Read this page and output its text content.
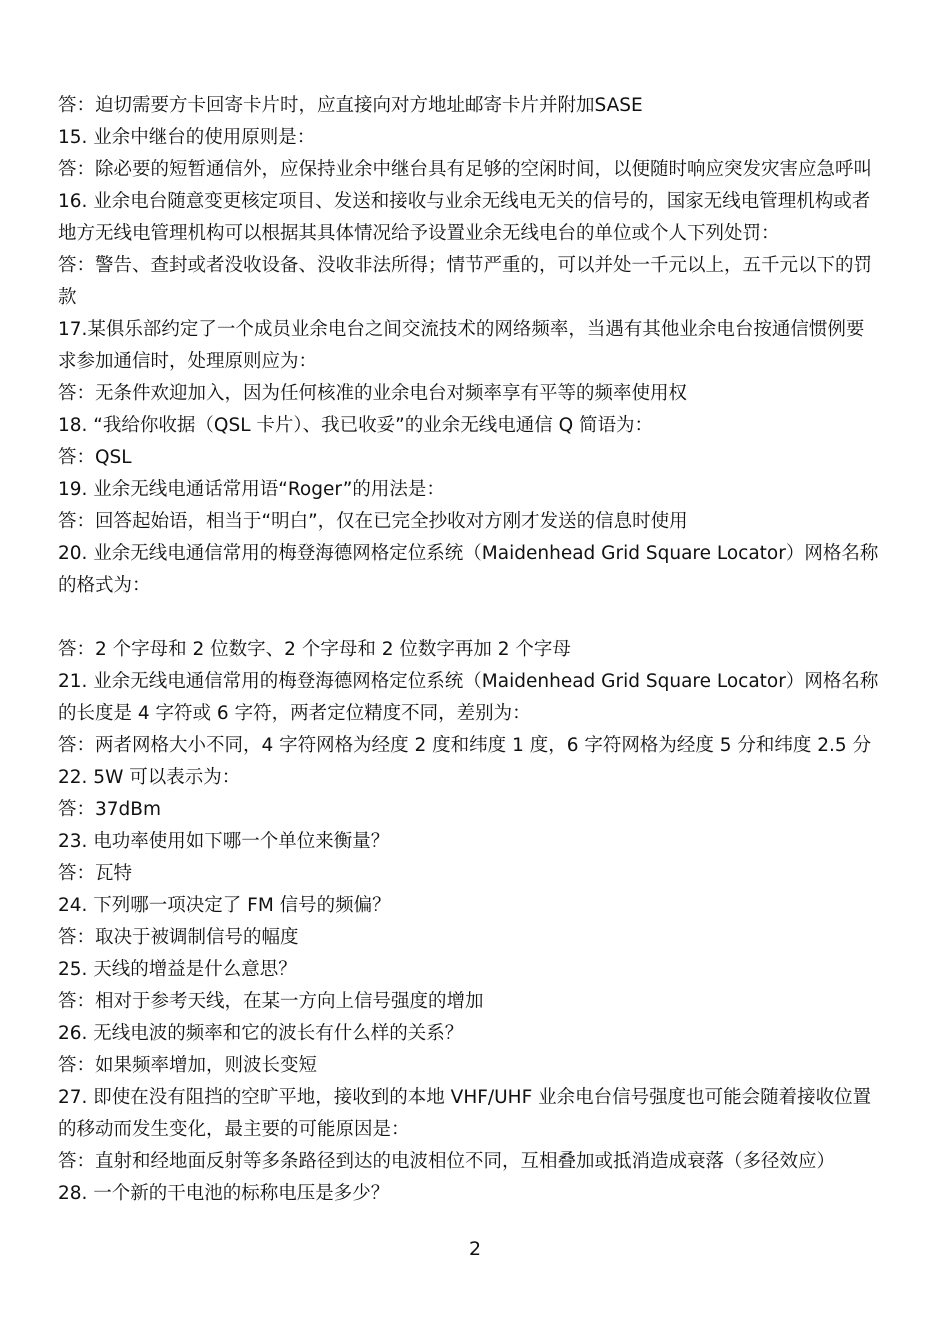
答：迫切需要方卡回寄卡片时，应直接向对方地址邮寄卡片并附加SASE
15. 业余中继台的使用原则是：
答：除必要的短暂通信外，应保持业余中继台具有足够的空闲时间，以便随时响应突发灾害应急呼叫
16. 业余电台随意变更核定项目、发送和接收与业余无线电无关的信号的，国家无线电管理机构或者
地方无线电管理机构可以根据其具体情况给予设置业余无线电台的单位或个人下列处罚：
答：警告、查封或者没收设备、没收非法所得；情节严重的，可以并处一千元以上，五千元以下的罚
款
17.某俱乐部约定了一个成员业余电台之间交流技术的网络频率，当遇有其他业余电台按通信惯例要
求参加通信时，处理原则应为：
答：无条件欢迎加入，因为任何核准的业余电台对频率享有平等的频率使用权
18. “我给你收据（QSL 卡片）、我已收妥”的业余无线电通信 Q 简语为：
答：QSL
19. 业余无线电通话常用语“Roger”的用法是：
答：回答起始语，相当于“明白”，仅在已完全抄收对方刚才发送的信息时使用
20. 业余无线电通信常用的梅登海德网格定位系统（Maidenhead Grid Square Locator）网格名称
的格式为：
答：2 个字母和 2 位数字、2 个字母和 2 位数字再加 2 个字母
21. 业余无线电通信常用的梅登海德网格定位系统（Maidenhead Grid Square Locator）网格名称
的长度是 4 字符或 6 字符，两者定位精度不同，差别为：
答：两者网格大小不同，4 字符网格为经度 2 度和纬度 1 度，6 字符网格为经度 5 分和纬度 2.5 分
22. 5W 可以表示为：
答：37dBm
23. 电功率使用如下哪一个单位来衡量？
答：瓦特
24. 下列哪一项决定了 FM 信号的频偏？
答：取决于被调制信号的幅度
25. 天线的增益是什么意思？
答：相对于参考天线，在某一方向上信号强度的增加
26. 无线电波的频率和它的波长有什么样的关系？
答：如果频率增加，则波长变短
27. 即使在没有阻挡的空旷平地，接收到的本地 VHF/UHF 业余电台信号强度也可能会随着接收位置
的移动而发生变化，最主要的可能原因是：
答：直射和经地面反射等多条路径到达的电波相位不同，互相叠加或抵消造成衰落（多径效应）
28. 一个新的干电池的标称电压是多少？
2
